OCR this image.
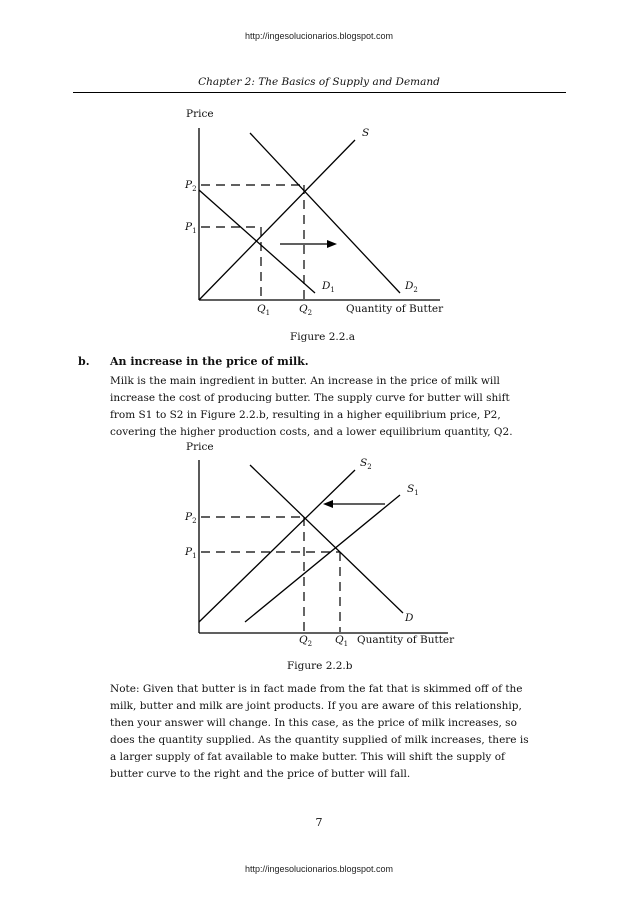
http://ingesolucionarios.blogspot.com
Chapter 2: The Basics of Supply and Demand
Price
S
$D_1$	$D_2$
$P_2$
$P_1$
$Q_1$	$Q_2$	Quantity of Butter
Figure 2.2.a
b. An increase in the price of milk.

Milk is the main ingredient in butter. An increase in the price of milk will increase the cost of producing butter. The supply curve for butter will shift from S1 to S2 in Figure 2.2.b, resulting in a higher equilibrium price, P2, covering the higher production costs, and a lower equilibrium quantity, Q2.

Price
$S_2$
$S_1$
D
$P_2$
$P_1$
$Q_2$ $Q_1$ Quantity of Butter
Figure 2.2.b

Note: Given that butter is in fact made from the fat that is skimmed off of the milk, butter and milk are joint products. If you are aware of this relationship, then your answer will change. In this case, as the price of milk increases, so does the quantity supplied. As the quantity supplied of milk increases, there is a larger supply of fat available to make butter. This will shift the supply of butter curve to the right and the price of butter will fall.

7
http://ingesolucionarios.blogspot.com
